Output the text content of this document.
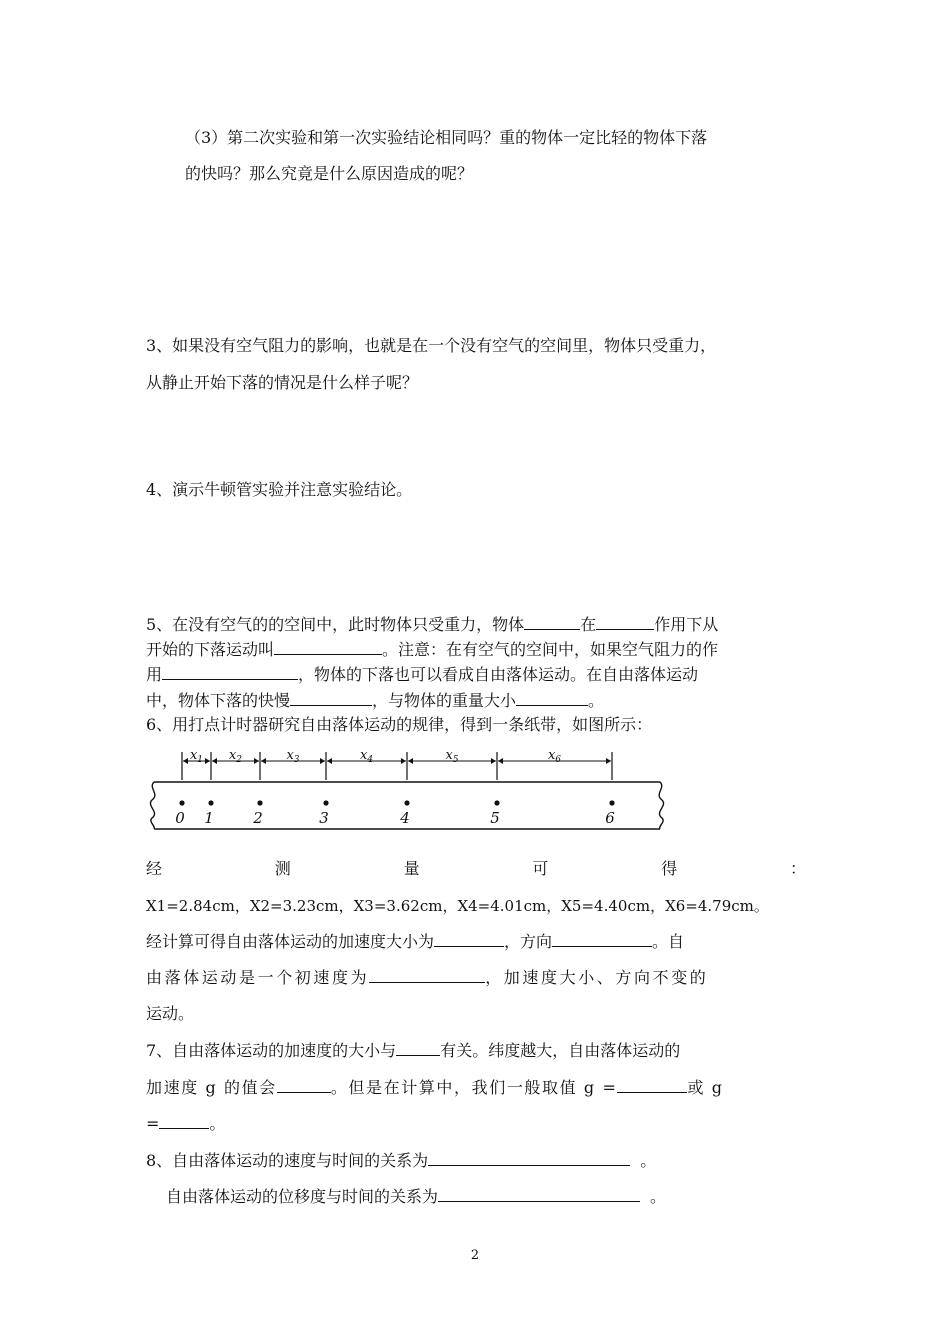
（3）第二次实验和第一次实验结论相同吗？重的物体一定比轻的物体下落
的快吗？那么究竟是什么原因造成的呢？
3、如果没有空气阻力的影响，也就是在一个没有空气的空间里，物体只受重力，
从静止开始下落的情况是什么样子呢？
4、演示牛顿管实验并注意实验结论。
5、在没有空气的的空间中，此时物体只受重力，物体	在	作用下从
开始的下落运动叫	。注意：在有空气的空间中，如果空气阻力的作
用	，物体的下落也可以看成自由落体运动。在自由落体运动
中，物体下落的快慢	，与物体的重量大小	。
6、用打点计时器研究自由落体运动的规律，得到一条纸带，如图所示：
0 1	2	3	4	5	6
$x_1$ $x_2$	$x_3$	$x_4$	$x_5$	$x_6$
经	测	量	可	得	：
X1=2.84cm，X2=3.23cm，X3=3.62cm，X4=4.01cm，X5=4.40cm，X6=4.79cm。
经计算可得自由落体运动的加速度大小为	，方向	。自
由落体运动是一个初速度为	，加速度大小、方向不变的
运动。
7、自由落体运动的加速度的大小与	有关。纬度越大，自由落体运动的
加速度 g 的值会	。但是在计算中，我们一般取值 g =	或 g
=	。
8、自由落体运动的速度与时间的关系为	。
自由落体运动的位移度与时间的关系为	。
2
